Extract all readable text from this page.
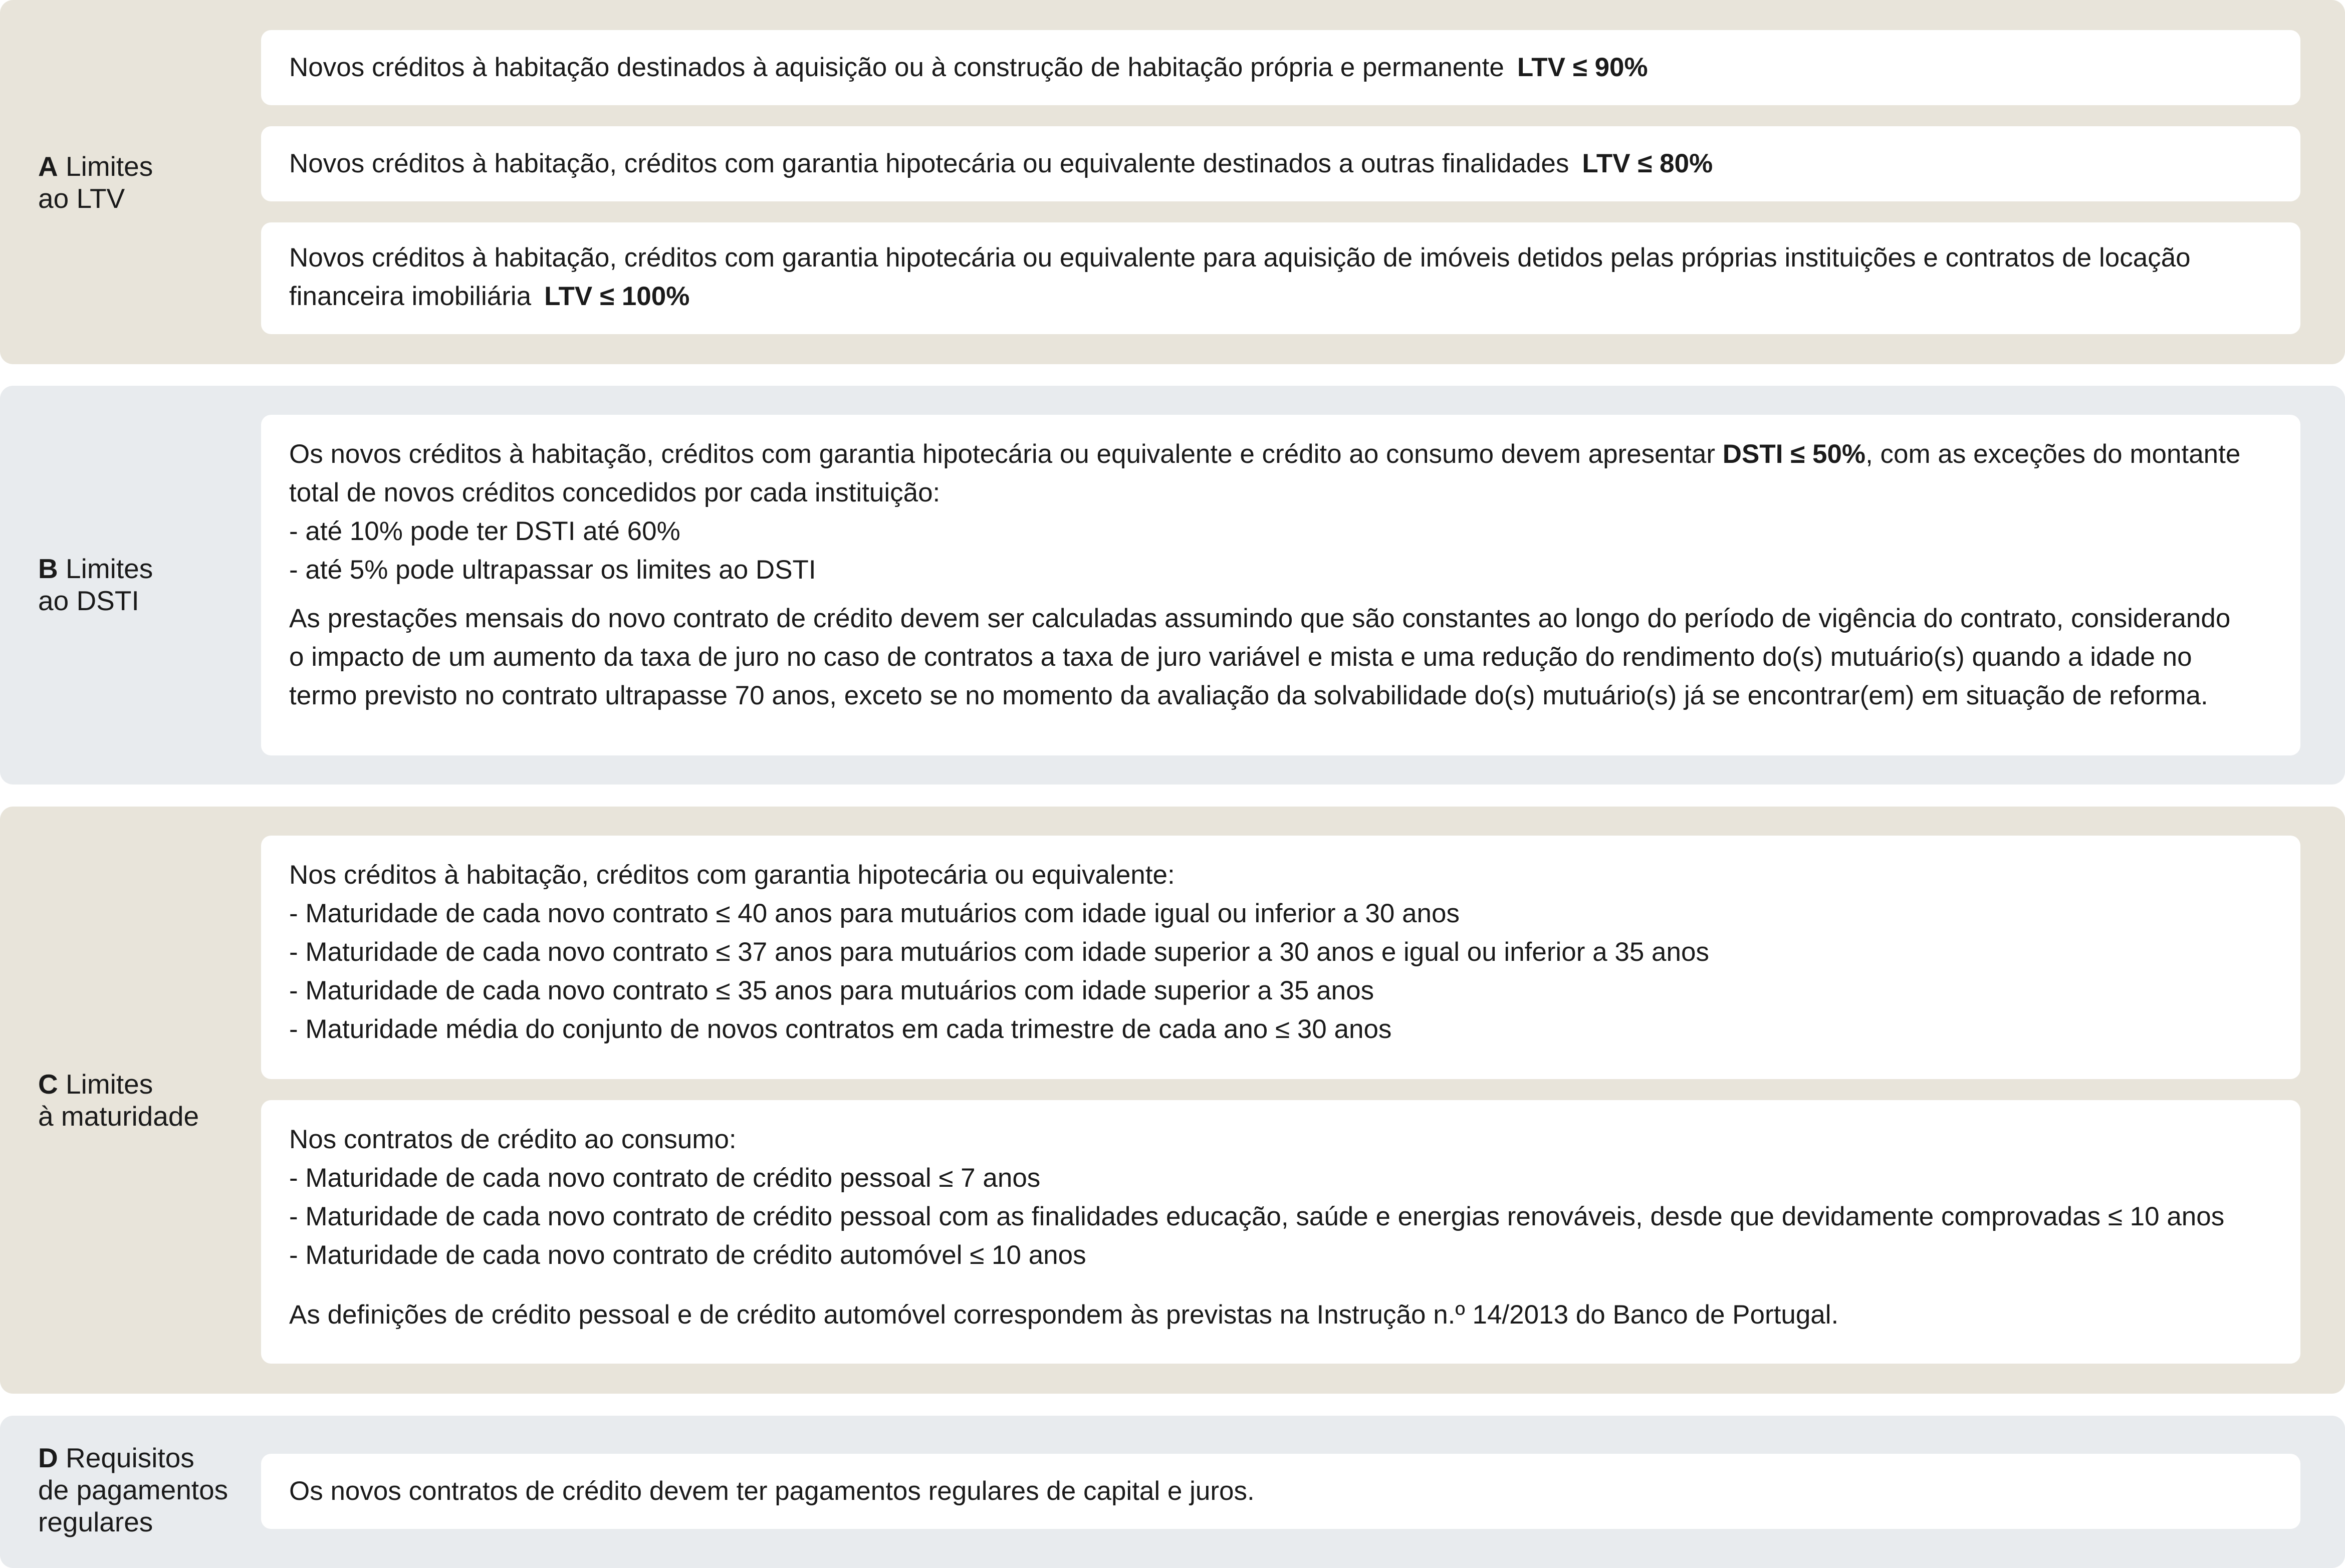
A Limites
ao LTV

Novos créditos à habitação destinados à aquisição ou à construção de habitação própria e permanente LTV ≤ 90%

Novos créditos à habitação, créditos com garantia hipotecária ou equivalente destinados a outras finalidades LTV ≤ 80%

Novos créditos à habitação, créditos com garantia hipotecária ou equivalente para aquisição de imóveis detidos pelas próprias instituições e contratos de locação

financeira imobiliária LTV ≤ 100%

B Limites
ao DSTI

Os novos créditos à habitação, créditos com garantia hipotecária ou equivalente e crédito ao consumo devem apresentar DSTI ≤ 50%, com as exceções do montante

total de novos créditos concedidos por cada instituição:

- até 10% pode ter DSTI até 60%

- até 5% pode ultrapassar os limites ao DSTI

As prestações mensais do novo contrato de crédito devem ser calculadas assumindo que são constantes ao longo do período de vigência do contrato, considerando

o impacto de um aumento da taxa de juro no caso de contratos a taxa de juro variável e mista e uma redução do rendimento do(s) mutuário(s) quando a idade no

termo previsto no contrato ultrapasse 70 anos, exceto se no momento da avaliação da solvabilidade do(s) mutuário(s) já se encontrar(em) em situação de reforma.

C Limites
à maturidade

Nos créditos à habitação, créditos com garantia hipotecária ou equivalente:

- Maturidade de cada novo contrato ≤ 40 anos para mutuários com idade igual ou inferior a 30 anos

- Maturidade de cada novo contrato ≤ 37 anos para mutuários com idade superior a 30 anos e igual ou inferior a 35 anos

- Maturidade de cada novo contrato ≤ 35 anos para mutuários com idade superior a 35 anos

- Maturidade média do conjunto de novos contratos em cada trimestre de cada ano ≤ 30 anos

Nos contratos de crédito ao consumo:

- Maturidade de cada novo contrato de crédito pessoal ≤ 7 anos

- Maturidade de cada novo contrato de crédito pessoal com as finalidades educação, saúde e energias renováveis, desde que devidamente comprovadas ≤ 10 anos

- Maturidade de cada novo contrato de crédito automóvel ≤ 10 anos

As definições de crédito pessoal e de crédito automóvel correspondem às previstas na Instrução n.º 14/2013 do Banco de Portugal.

D Requisitos
de pagamentos
regulares

Os novos contratos de crédito devem ter pagamentos regulares de capital e juros.
